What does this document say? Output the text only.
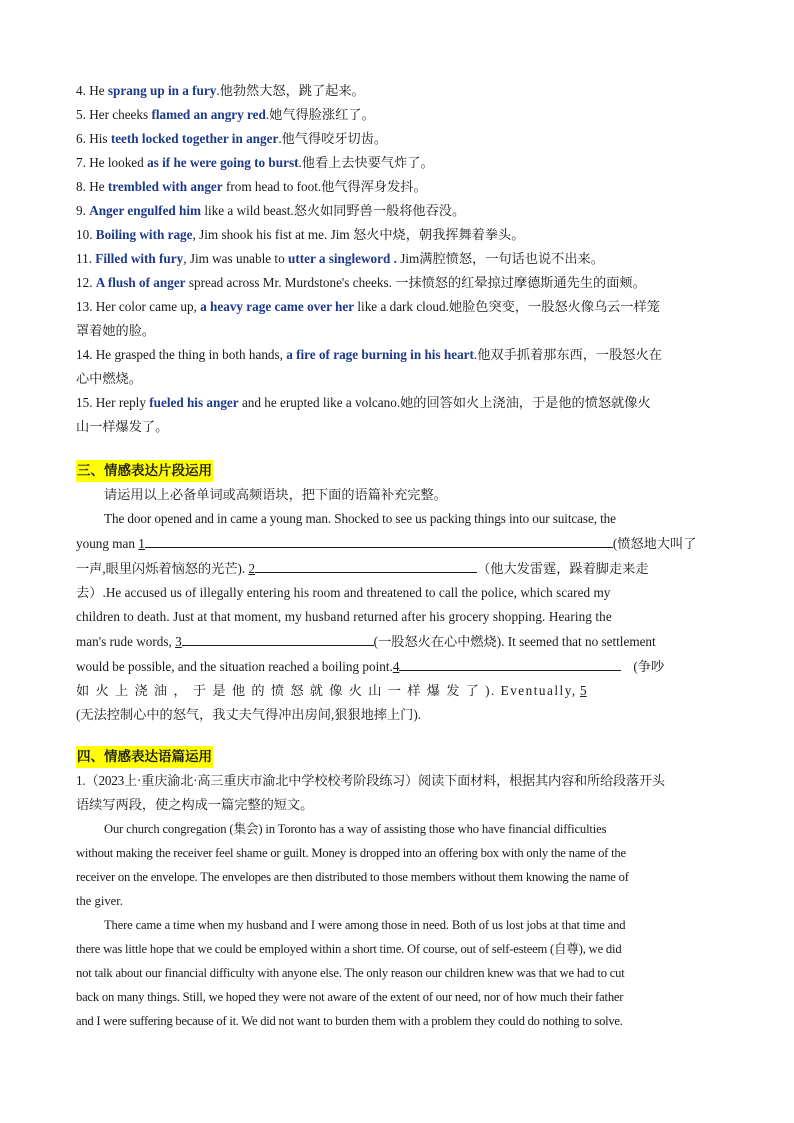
4. He sprang up in a fury.他勃然大怒，跳了起来。

5. Her cheeks flamed an angry red.她气得脸涨红了。

6. His teeth locked together in anger.他气得咬牙切齿。

7. He looked as if he were going to burst.他看上去快要气炸了。

8. He trembled with anger from head to foot.他气得浑身发抖。

9. Anger engulfed him like a wild beast.怒火如同野兽一般将他吞没。

10. Boiling with rage, Jim shook his fist at me. Jim 怒火中烧，朝我挥舞着拳头。

11. Filled with fury, Jim was unable to utter a singleword . Jim满腔愤怒，一句话也说不出来。

12. A flush of anger spread across Mr. Murdstone's cheeks. 一抹愤怒的红晕掠过摩德斯通先生的面颊。

13. Her color came up, a heavy rage came over her like a dark cloud.她脸色突变，一股怒火像乌云一样笼

罩着她的脸。

14. He grasped the thing in both hands, a fire of rage burning in his heart.他双手抓着那东西，一股怒火在

心中燃烧。

15. Her reply fueled his anger and he erupted like a volcano.她的回答如火上浇油，于是他的愤怒就像火

山一样爆发了。

三、情感表达片段运用

请运用以上必备单词或高频语块，把下面的语篇补充完整。

The door opened and in came a young man. Shocked to see us packing things into our suitcase, the

young man 1	(愤怒地大叫了

一声,眼里闪烁着恼怒的光芒). 2	（他大发雷霆，跺着脚走来走

去）.He accused us of illegally entering his room and threatened to call the police, which scared my

children to death. Just at that moment, my husband returned after his grocery shopping. Hearing the

man's rude words, 3	(一股怒火在心中燃烧). It seemed that no settlement

would be possible, and the situation reached a boiling point.4	(争吵

如 火 上 浇 油 ， 于 是 他 的 愤 怒 就 像 火 山 一 样 爆 发 了 ). Eventually, 5

(无法控制心中的怒气，我丈夫气得冲出房间,狠狠地摔上门).

四、情感表达语篇运用

1.（2023上·重庆渝北·高三重庆市渝北中学校校考阶段练习）阅读下面材料，根据其内容和所给段落开头

语续写两段，使之构成一篇完整的短文。

Our church congregation (集会) in Toronto has a way of assisting those who have financial difficulties

without making the receiver feel shame or guilt. Money is dropped into an offering box with only the name of the

receiver on the envelope. The envelopes are then distributed to those members without them knowing the name of

the giver.

There came a time when my husband and I were among those in need. Both of us lost jobs at that time and

there was little hope that we could be employed within a short time. Of course, out of self-esteem (自尊), we did

not talk about our financial difficulty with anyone else. The only reason our children knew was that we had to cut

back on many things. Still, we hoped they were not aware of the extent of our need, nor of how much their father

and I were suffering because of it. We did not want to burden them with a problem they could do nothing to solve.
